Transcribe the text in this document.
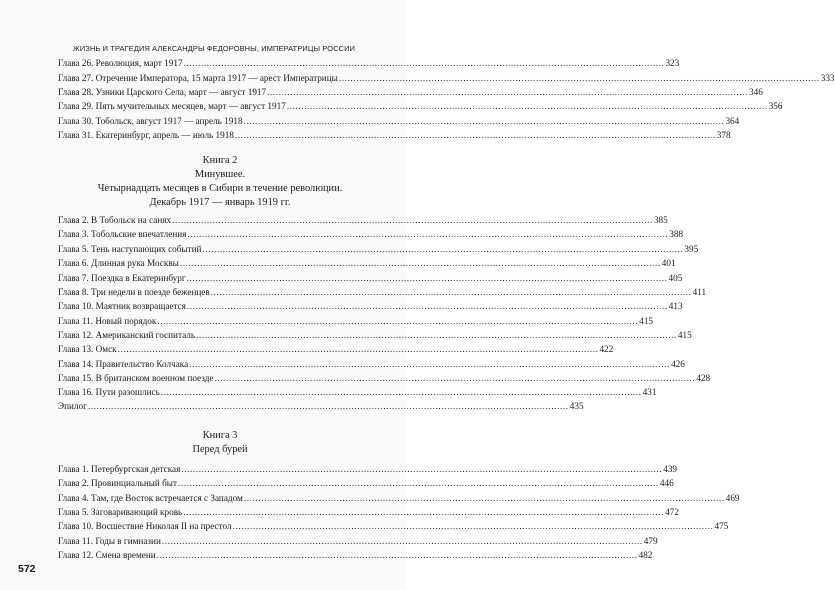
ЖИЗНЬ И ТРАГЕДИЯ АЛЕКСАНДРЫ ФЕДОРОВНЫ, ИМПЕРАТРИЦЫ РОССИИ
Глава 26. Революция, март 1917 .....	323
Глава 27. Отречение Императора, 15 марта 1917 — арест Императрицы .....	333
Глава 28. Узники Царского Села, март — август 1917 .....	346
Глава 29. Пять мучительных месяцев, март — август 1917 .....	356
Глава 30. Тобольск, август 1917 — апрель 1918 .....	364
Глава 31. Екатеринбург, апрель — июль 1918 .....	378
Книга 2
Минувшее.
Четырнадцать месяцев в Сибири в течение революции.
Декабрь 1917 — январь 1919 гг.
Глава 2. В Тобольск на санях .....	385
Глава 3. Тобольские впечатления .....	388
Глава 5. Тень наступающих событий .....	395
Глава 6. Длинная рука Москвы .....	401
Глава 7. Поездка в Екатеринбург .....	405
Глава 8. Три недели в поезде беженцев .....	411
Глава 10. Маятник возвращается .....	413
Глава 11. Новый порядок .....	415
Глава 12. Американский госпиталь .....	415
Глава 13. Омск .....	422
Глава 14. Правительство Колчака .....	426
Глава 15. В британском военном поезде .....	428
Глава 16. Пути разошлись .....	431
Эпилог .....	435
Книга 3
Перед бурей
Глава 1. Петербургская детская .....	439
Глава 2. Провинциальный быт .....	446
Глава 4. Там, где Восток встречается с Западом .....	469
Глава 5. Заговаривающий кровь .....	472
Глава 10. Восшествие Николая II на престол .....	475
Глава 11. Годы в гимназии .....	479
Глава 12. Смена времени .....	482
572
